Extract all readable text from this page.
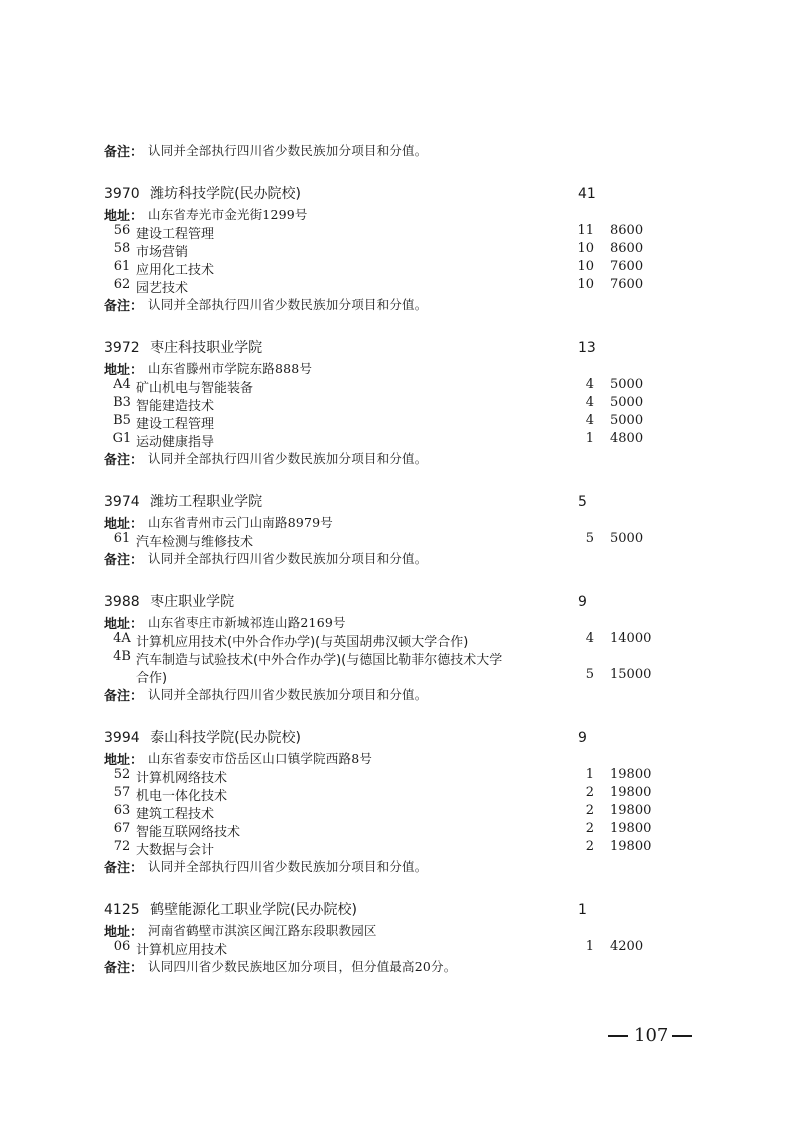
备注： 认同并全部执行四川省少数民族加分项目和分值。
3970 潍坊科技学院(民办院校)	41
地址： 山东省寿光市金光街1299号
56 建设工程管理	11 8600
58 市场营销	10 8600
61 应用化工技术	10 7600
62 园艺技术	10 7600
备注： 认同并全部执行四川省少数民族加分项目和分值。
3972 枣庄科技职业学院	13
地址： 山东省滕州市学院东路888号
A4 矿山机电与智能装备	4 5000
B3 智能建造技术	4 5000
B5 建设工程管理	4 5000
G1 运动健康指导	1 4800
备注： 认同并全部执行四川省少数民族加分项目和分值。
3974 潍坊工程职业学院	5
地址： 山东省青州市云门山南路8979号
61 汽车检测与维修技术	5 5000
备注： 认同并全部执行四川省少数民族加分项目和分值。
3988 枣庄职业学院	9
地址： 山东省枣庄市新城祁连山路2169号
4A 计算机应用技术(中外合作办学)(与英国胡弗汉顿大学合作)	4 14000
4B 汽车制造与试验技术(中外合作办学)(与德国比勒菲尔德技术大学
合作)	5 15000
备注： 认同并全部执行四川省少数民族加分项目和分值。
3994 泰山科技学院(民办院校)	9
地址： 山东省泰安市岱岳区山口镇学院西路8号
52 计算机网络技术	1 19800
57 机电一体化技术	2 19800
63 建筑工程技术	2 19800
67 智能互联网络技术	2 19800
72 大数据与会计	2 19800
备注： 认同并全部执行四川省少数民族加分项目和分值。
4125 鹤壁能源化工职业学院(民办院校)	1
地址： 河南省鹤壁市淇滨区闽江路东段职教园区
06 计算机应用技术	1 4200
备注： 认同四川省少数民族地区加分项目，但分值最高20分。
107
